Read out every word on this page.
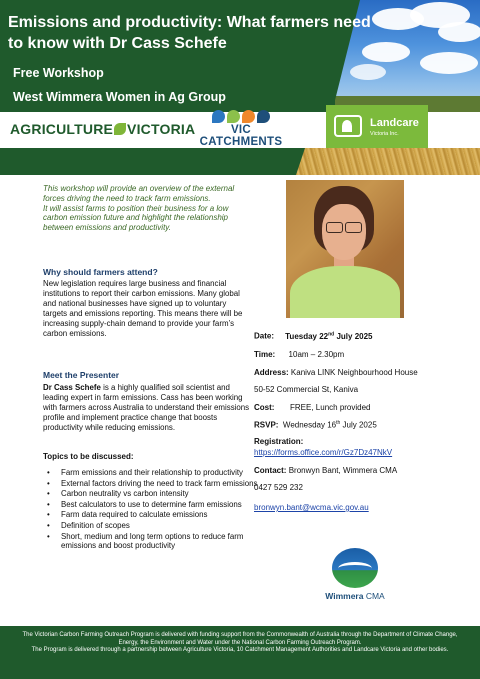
Emissions and productivity: What farmers need to know with Dr Cass Schefe
Free Workshop
West Wimmera Women in Ag Group
AGRICULTURE VICTORIA	VIC CATCHMENTS
Landcare
Victoria Inc.

This workshop will provide an overview of the external forces driving the need to track farm emissions.

It will assist farms to position their business for a low carbon emission future and highlight the relationship between emissions and productivity.

Why should farmers attend?
New legislation requires large business and financial institutions to report their carbon emissions. Many global and national businesses have signed up to voluntary targets and emissions reporting. This means there will be increasing supply-chain demand to provide your farm’s carbon emissions.
Meet the Presenter
Dr Cass Schefe is a highly qualified soil scientist and leading expert in farm emissions. Cass has been working with farmers across Australia to understand their emissions profile and implement practice change that boosts productivity while reducing emissions.
Topics to be discussed:
• Farm emissions and their relationship to productivity
• External factors driving the need to track farm emissions
• Carbon neutrality vs carbon intensity
• Best calculators to use to determine farm emissions
• Farm data required to calculate emissions
• Definition of scopes
• Short, medium and long term options to reduce farm emissions and boost productivity
Date: Tuesday 22nd July 2025
Time: 10am – 2.30pm
Address: Kaniva LINK Neighbourhood House
50-52 Commercial St, Kaniva
Cost: FREE, Lunch provided
RSVP: Wednesday 16th July 2025
Registration:
https://forms.office.com/r/Gz7Dz47NkV
Contact: Bronwyn Bant, Wimmera CMA
0427 529 232
bronwyn.bant@wcma.vic.gov.au
Wimmera CMA
The Victorian Carbon Farming Outreach Program is delivered with funding support from the Commonwealth of Australia through the Department of Climate Change, Energy, the Environment and Water under the National Carbon Farming Outreach Program.
The Program is delivered through a partnership between Agriculture Victoria, 10 Catchment Management Authorities and Landcare Victoria and other bodies.
